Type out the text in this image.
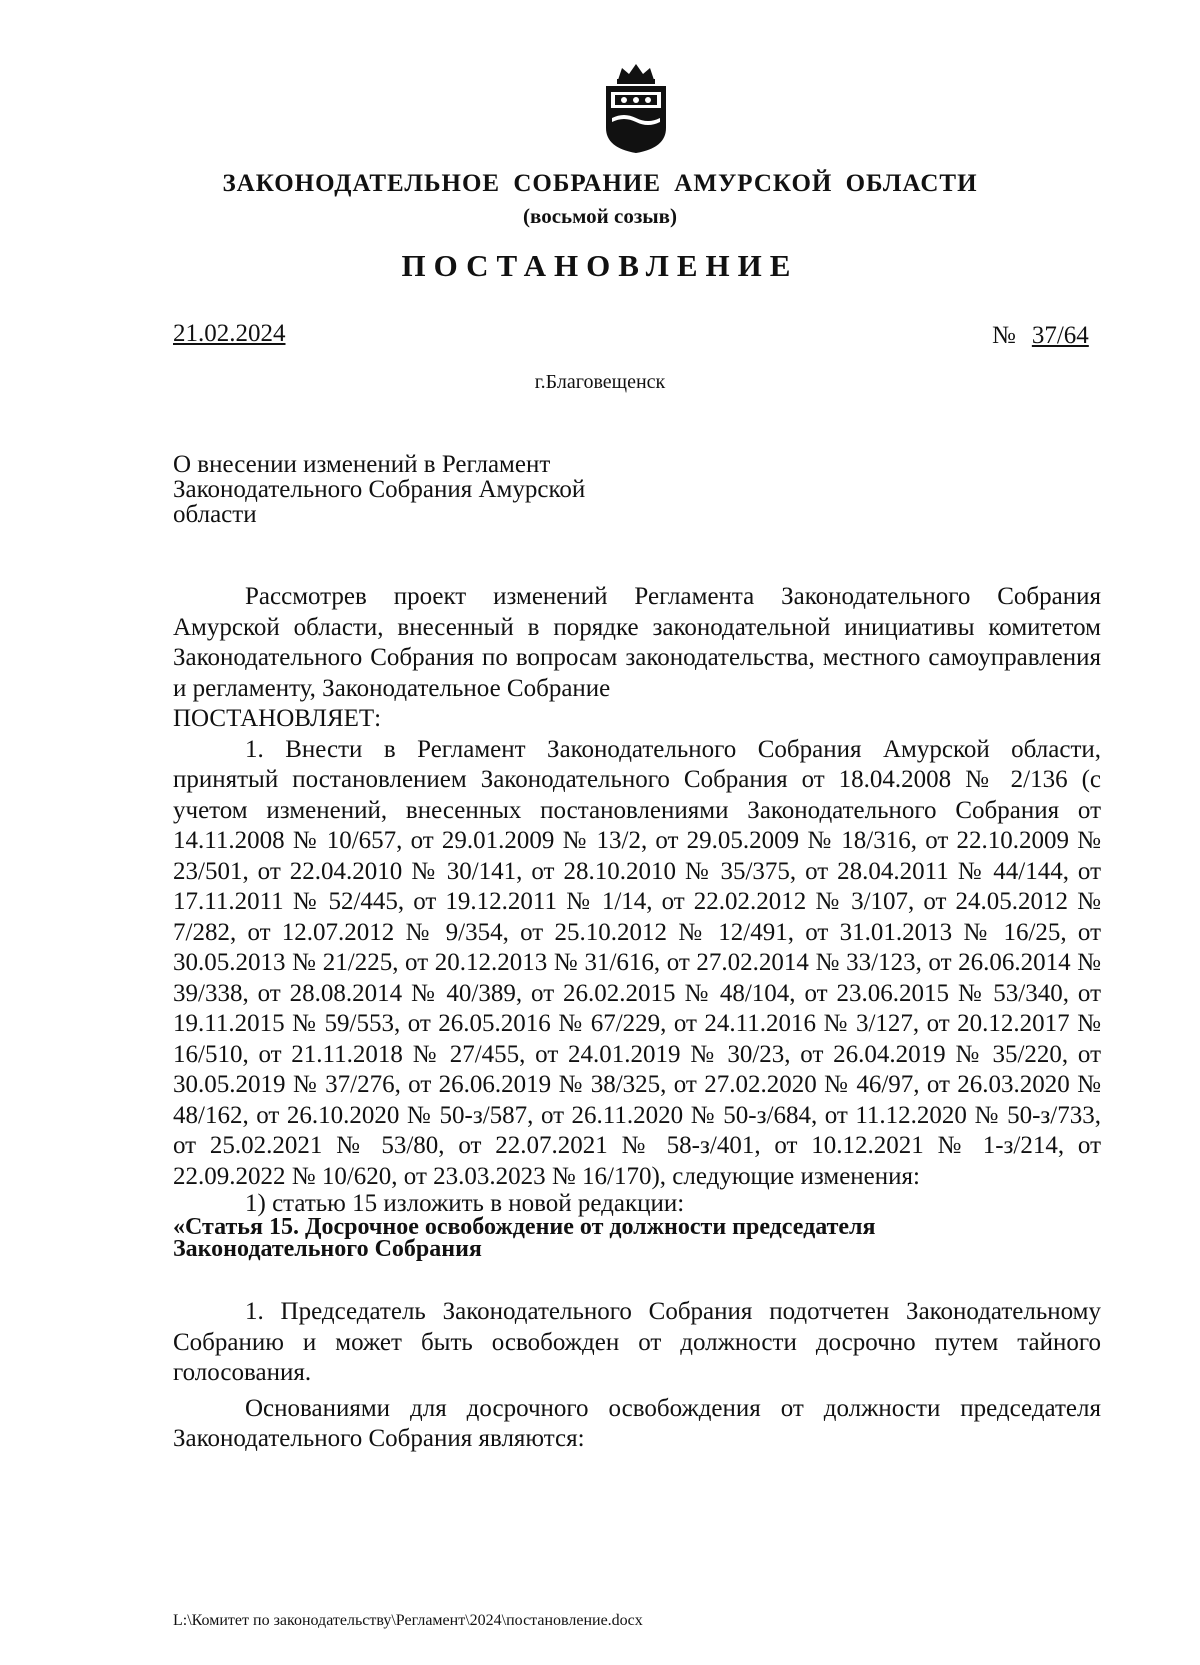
ЗАКОНОДАТЕЛЬНОЕ СОБРАНИЕ АМУРСКОЙ ОБЛАСТИ
(восьмой созыв)
ПОСТАНОВЛЕНИЕ
21.02.2024	№ 37/64
г.Благовещенск
О внесении изменений в Регламент
Законодательного Собрания Амурской
области

Рассмотрев проект изменений Регламента Законодательного Собрания Амурской области, внесенный в порядке законодательной инициативы комитетом Законодательного Собрания по вопросам законодательства, местного самоуправления и регламенту, Законодательное Собрание

ПОСТАНОВЛЯЕТ:

1. Внести в Регламент Законодательного Собрания Амурской области, принятый постановлением Законодательного Собрания от 18.04.2008 № 2/136 (с учетом изменений, внесенных постановлениями Законодательного Собрания от 14.11.2008 № 10/657, от 29.01.2009 № 13/2, от 29.05.2009 № 18/316, от 22.10.2009 № 23/501, от 22.04.2010 № 30/141, от 28.10.2010 № 35/375, от 28.04.2011 № 44/144, от 17.11.2011 № 52/445, от 19.12.2011 № 1/14, от 22.02.2012 № 3/107, от 24.05.2012 № 7/282, от 12.07.2012 № 9/354, от 25.10.2012 № 12/491, от 31.01.2013 № 16/25, от 30.05.2013 № 21/225, от 20.12.2013 № 31/616, от 27.02.2014 № 33/123, от 26.06.2014 № 39/338, от 28.08.2014 № 40/389, от 26.02.2015 № 48/104, от 23.06.2015 № 53/340, от 19.11.2015 № 59/553, от 26.05.2016 № 67/229, от 24.11.2016 № 3/127, от 20.12.2017 № 16/510, от 21.11.2018 № 27/455, от 24.01.2019 № 30/23, от 26.04.2019 № 35/220, от 30.05.2019 № 37/276, от 26.06.2019 № 38/325, от 27.02.2020 № 46/97, от 26.03.2020 № 48/162, от 26.10.2020 № 50-з/587, от 26.11.2020 № 50-з/684, от 11.12.2020 № 50-з/733, от 25.02.2021 № 53/80, от 22.07.2021 № 58-з/401, от 10.12.2021 № 1-з/214, от 22.09.2022 № 10/620, от 23.03.2023 № 16/170), следующие изменения:

1) статью 15 изложить в новой редакции:

«Статья 15. Досрочное освобождение от должности председателя

Законодательного Собрания

1. Председатель Законодательного Собрания подотчетен Законодательному Собранию и может быть освобожден от должности досрочно путем тайного голосования.

Основаниями для досрочного освобождения от должности председателя Законодательного Собрания являются:

L:\Комитет по законодательству\Регламент\2024\постановление.docx
